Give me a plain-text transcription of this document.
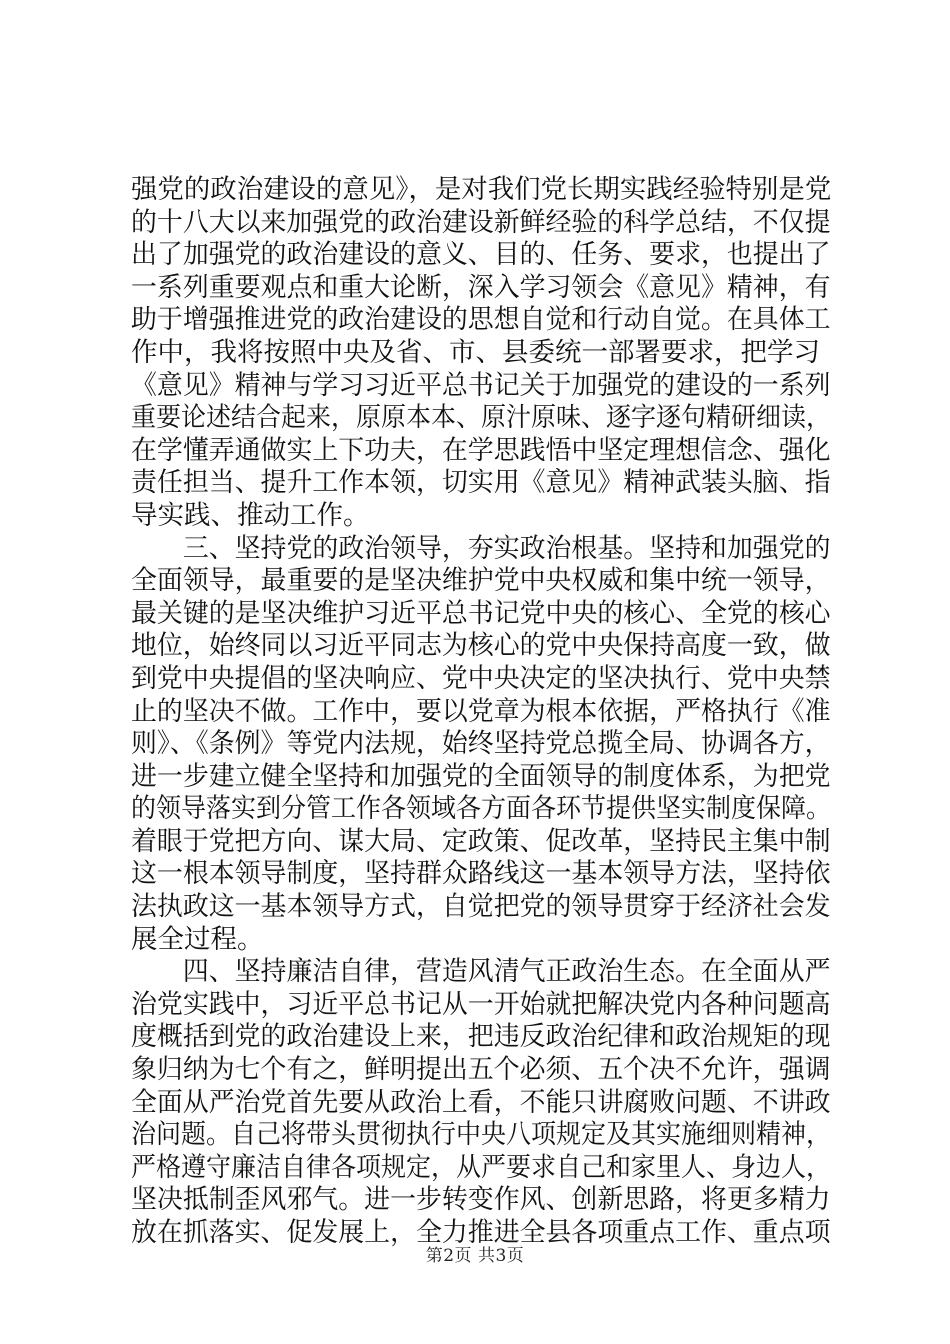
强党的政治建设的意见》，是对我们党长期实践经验特别是党
的十八大以来加强党的政治建设新鲜经验的科学总结，不仅提
出了加强党的政治建设的意义、目的、任务、要求，也提出了
一系列重要观点和重大论断，深入学习领会《意见》精神，有
助于增强推进党的政治建设的思想自觉和行动自觉。在具体工
作中，我将按照中央及省、市、县委统一部署要求，把学习
《意见》精神与学习习近平总书记关于加强党的建设的一系列
重要论述结合起来，原原本本、原汁原味、逐字逐句精研细读，
在学懂弄通做实上下功夫，在学思践悟中坚定理想信念、强化
责任担当、提升工作本领，切实用《意见》精神武装头脑、指
导实践、推动工作。
　　三、坚持党的政治领导，夯实政治根基。坚持和加强党的
全面领导，最重要的是坚决维护党中央权威和集中统一领导，
最关键的是坚决维护习近平总书记党中央的核心、全党的核心
地位，始终同以习近平同志为核心的党中央保持高度一致，做
到党中央提倡的坚决响应、党中央决定的坚决执行、党中央禁
止的坚决不做。工作中，要以党章为根本依据，严格执行《准
则》、《条例》等党内法规，始终坚持党总揽全局、协调各方，
进一步建立健全坚持和加强党的全面领导的制度体系，为把党
的领导落实到分管工作各领域各方面各环节提供坚实制度保障。
着眼于党把方向、谋大局、定政策、促改革，坚持民主集中制
这一根本领导制度，坚持群众路线这一基本领导方法，坚持依
法执政这一基本领导方式，自觉把党的领导贯穿于经济社会发
展全过程。
　　四、坚持廉洁自律，营造风清气正政治生态。在全面从严
治党实践中，习近平总书记从一开始就把解决党内各种问题高
度概括到党的政治建设上来，把违反政治纪律和政治规矩的现
象归纳为七个有之，鲜明提出五个必须、五个决不允许，强调
全面从严治党首先要从政治上看，不能只讲腐败问题、不讲政
治问题。自己将带头贯彻执行中央八项规定及其实施细则精神，
严格遵守廉洁自律各项规定，从严要求自己和家里人、身边人，
坚决抵制歪风邪气。进一步转变作风、创新思路，将更多精力
放在抓落实、促发展上，全力推进全县各项重点工作、重点项
第2页 共3页
